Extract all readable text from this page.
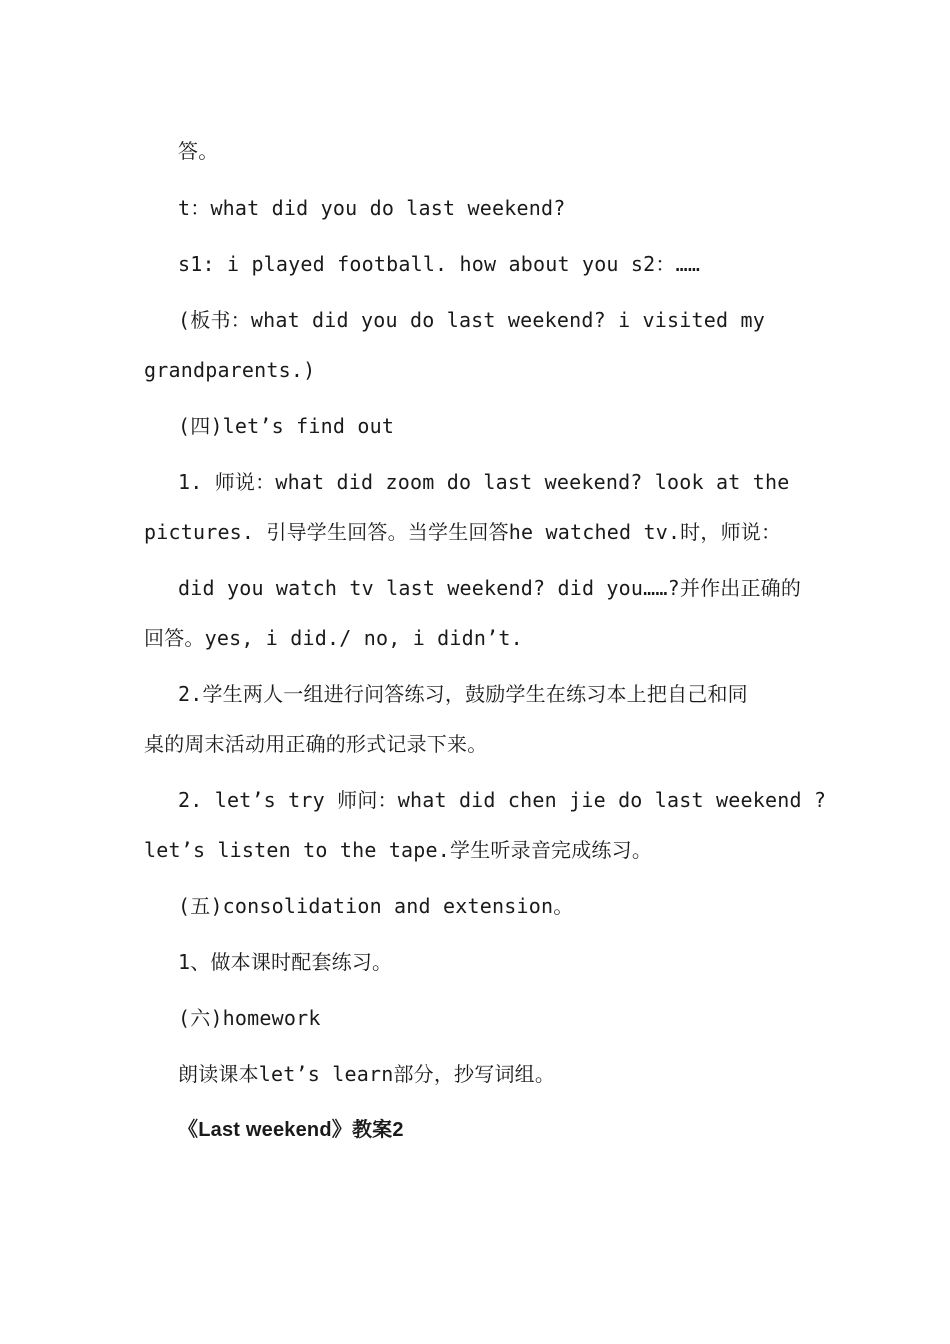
答。
t：what did you do last weekend?
s1: i played football. how about you s2：……
(板书：what did you do last weekend? i visited my
grandparents.)
(四)let’s find out
1. 师说：what did zoom do last weekend? look at the
pictures. 引导学生回答。当学生回答he watched tv.时，师说：
did you watch tv last weekend? did you……?并作出正确的
回答。yes, i did./ no, i didn’t.
2.学生两人一组进行问答练习，鼓励学生在练习本上把自己和同
桌的周末活动用正确的形式记录下来。
2. let’s try 师问：what did chen jie do last weekend ?
let’s listen to the tape.学生听录音完成练习。
(五)consolidation and extension。
1、做本课时配套练习。
(六)homework
朗读课本let’s learn部分，抄写词组。
《Last weekend》教案2
